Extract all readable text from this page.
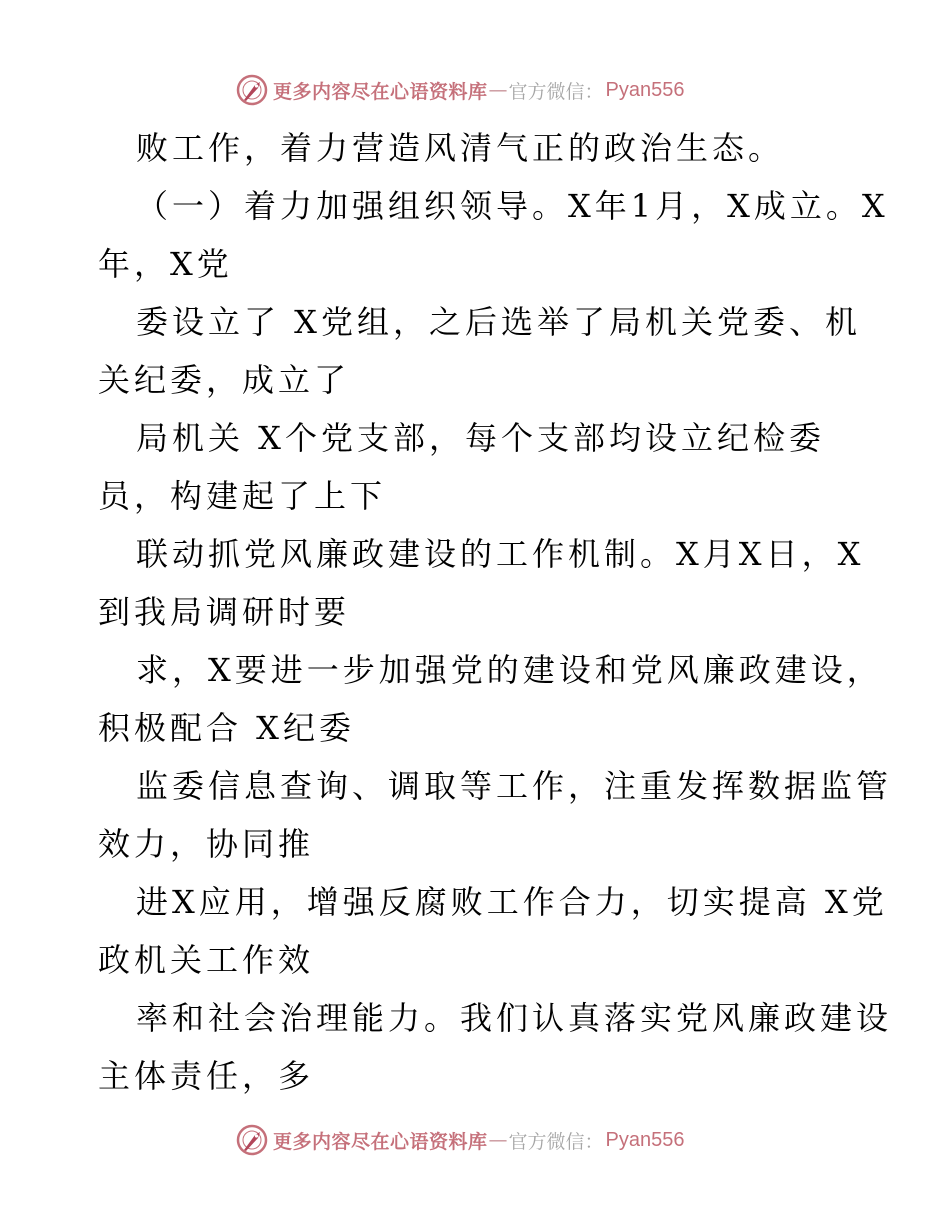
更多内容尽在心语资料库 — 官方微信： Pyan556
败工作，着力营造风清气正的政治生态。
（一）着力加强组织领导。X年1月，X成立。X
年，X党
委设立了 X党组，之后选举了局机关党委、机
关纪委，成立了
局机关 X个党支部，每个支部均设立纪检委
员，构建起了上下
联动抓党风廉政建设的工作机制。X月X日，X
到我局调研时要
求，X要进一步加强党的建设和党风廉政建设，
积极配合 X纪委
监委信息查询、调取等工作，注重发挥数据监管
效力，协同推
进X应用，增强反腐败工作合力，切实提高 X党
政机关工作效
率和社会治理能力。我们认真落实党风廉政建设
主体责任，多
更多内容尽在心语资料库 — 官方微信： Pyan556
